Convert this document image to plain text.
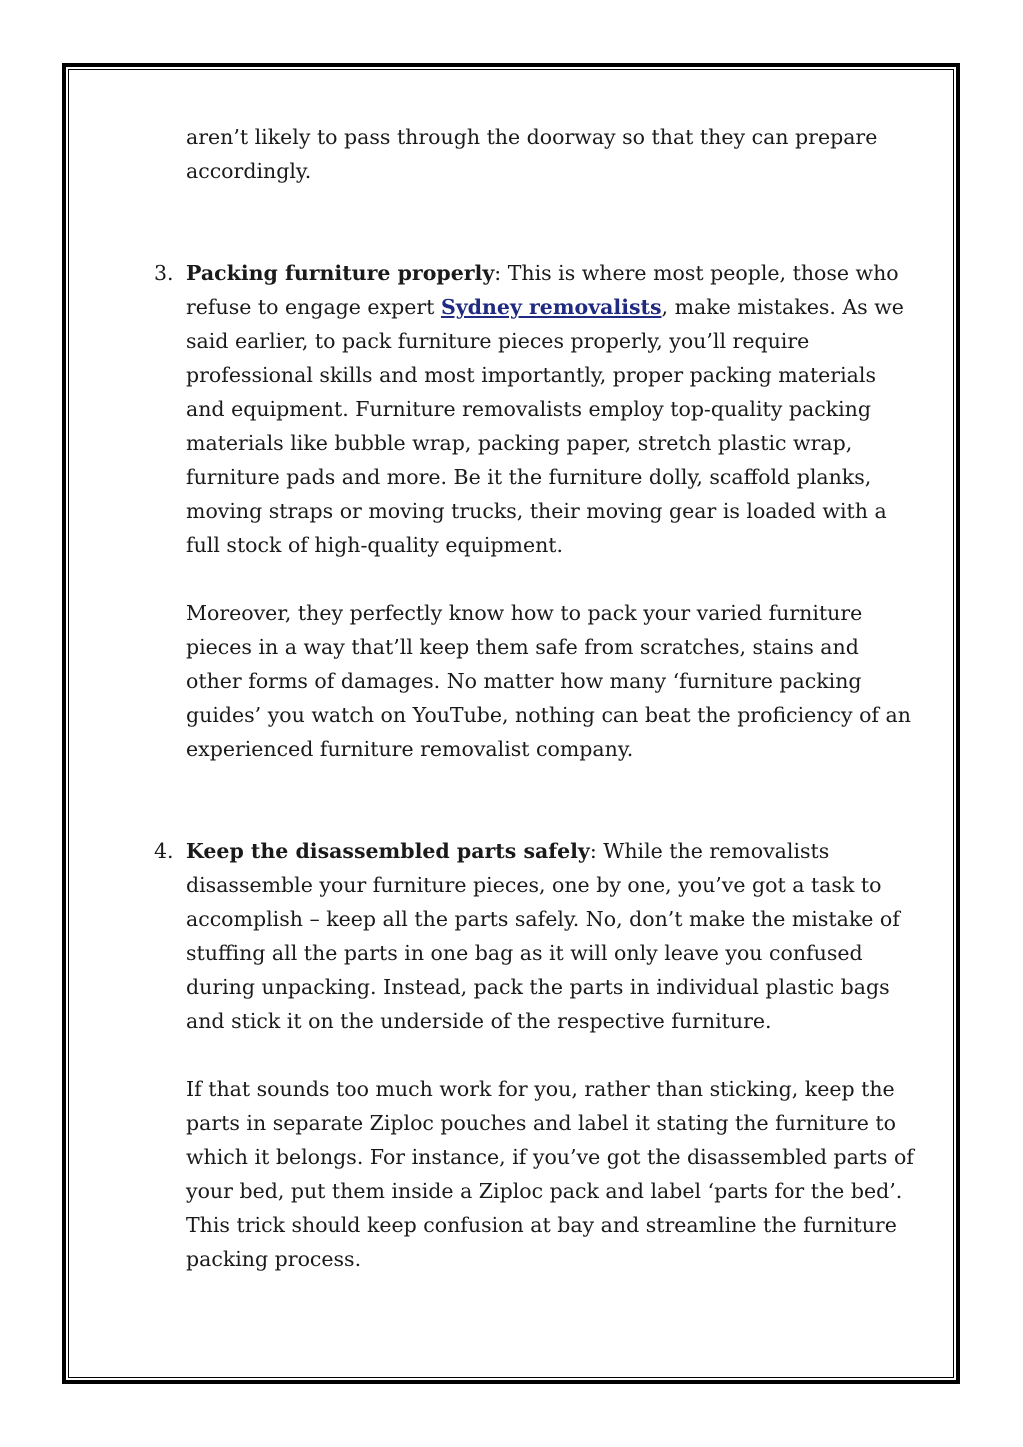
aren’t likely to pass through the doorway so that they can prepare accordingly.

3. Packing furniture properly: This is where most people, those who refuse to engage expert Sydney removalists, make mistakes. As we said earlier, to pack furniture pieces properly, you’ll require professional skills and most importantly, proper packing materials and equipment. Furniture removalists employ top-quality packing materials like bubble wrap, packing paper, stretch plastic wrap, furniture pads and more. Be it the furniture dolly, scaffold planks, moving straps or moving trucks, their moving gear is loaded with a full stock of high-quality equipment.

Moreover, they perfectly know how to pack your varied furniture pieces in a way that’ll keep them safe from scratches, stains and other forms of damages. No matter how many ‘furniture packing guides’ you watch on YouTube, nothing can beat the proficiency of an experienced furniture removalist company.

4. Keep the disassembled parts safely: While the removalists disassemble your furniture pieces, one by one, you’ve got a task to accomplish – keep all the parts safely. No, don’t make the mistake of stuffing all the parts in one bag as it will only leave you confused during unpacking. Instead, pack the parts in individual plastic bags and stick it on the underside of the respective furniture.

If that sounds too much work for you, rather than sticking, keep the parts in separate Ziploc pouches and label it stating the furniture to which it belongs. For instance, if you’ve got the disassembled parts of your bed, put them inside a Ziploc pack and label ‘parts for the bed’. This trick should keep confusion at bay and streamline the furniture packing process.
